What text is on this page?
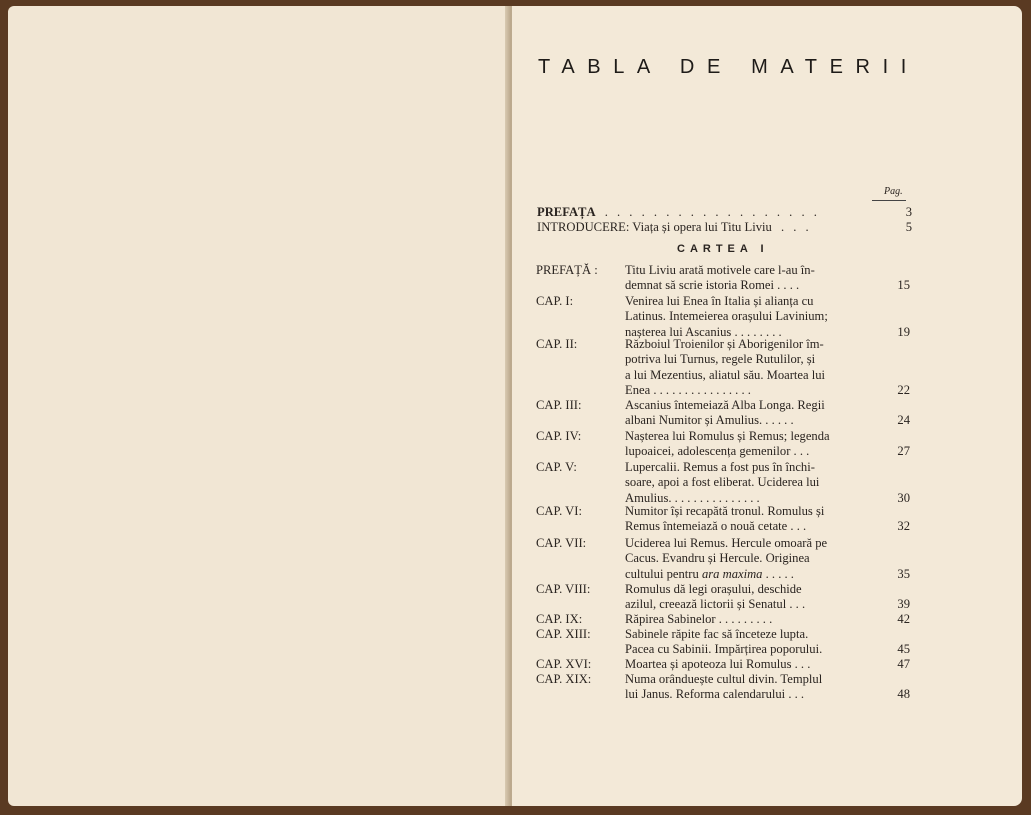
TABLA DE MATERII
Pag.
PREFAȚA . . . . . . . . . . . . . . . . . .	3
INTRODUCERE: Viața și opera lui Titu Liviu . . .	5
CARTEA I
PREFAȚĂ : Titu Liviu arată motivele care l-au în-
demnat să scrie istoria Romei . . . .	15
CAP. I:	Venirea lui Enea în Italia și alianța cu
Latinus. Intemeierea orașului Lavinium;
nașterea lui Ascanius . . . . . . . .	19
CAP. II:	Războiul Troienilor și Aborigenilor îm-
potriva lui Turnus, regele Rutulilor, și
a lui Mezentius, aliatul său. Moartea lui
Enea . . . . . . . . . . . . . . . .	22
CAP. III:	Ascanius întemeiază Alba Longa. Regii
albani Numitor și Amulius. . . . . .	24
CAP. IV:	Nașterea lui Romulus și Remus; legenda
lupoaicei, adolescența gemenilor . . .	27
CAP. V:	Lupercalii. Remus a fost pus în închi-
soare, apoi a fost eliberat. Uciderea lui
Amulius. . . . . . . . . . . . . . .	30
CAP. VI:	Numitor își recapătă tronul. Romulus și
Remus întemeiază o nouă cetate . . .	32
CAP. VII:	Uciderea lui Remus. Hercule omoară pe
Cacus. Evandru și Hercule. Originea
cultului pentru ara maxima . . . . .	35
CAP. VIII:	Romulus dă legi orașului, deschide
azilul, creează lictorii și Senatul . . .	39
CAP. IX:	Răpirea Sabinelor . . . . . . . . .	42
CAP. XIII:	Sabinele răpite fac să înceteze lupta.
Pacea cu Sabinii. Impărțirea poporului.	45
CAP. XVI:	Moartea și apoteoza lui Romulus . . .	47
CAP. XIX:	Numa orânduește cultul divin. Templul
lui Janus. Reforma calendarului . . .	48
